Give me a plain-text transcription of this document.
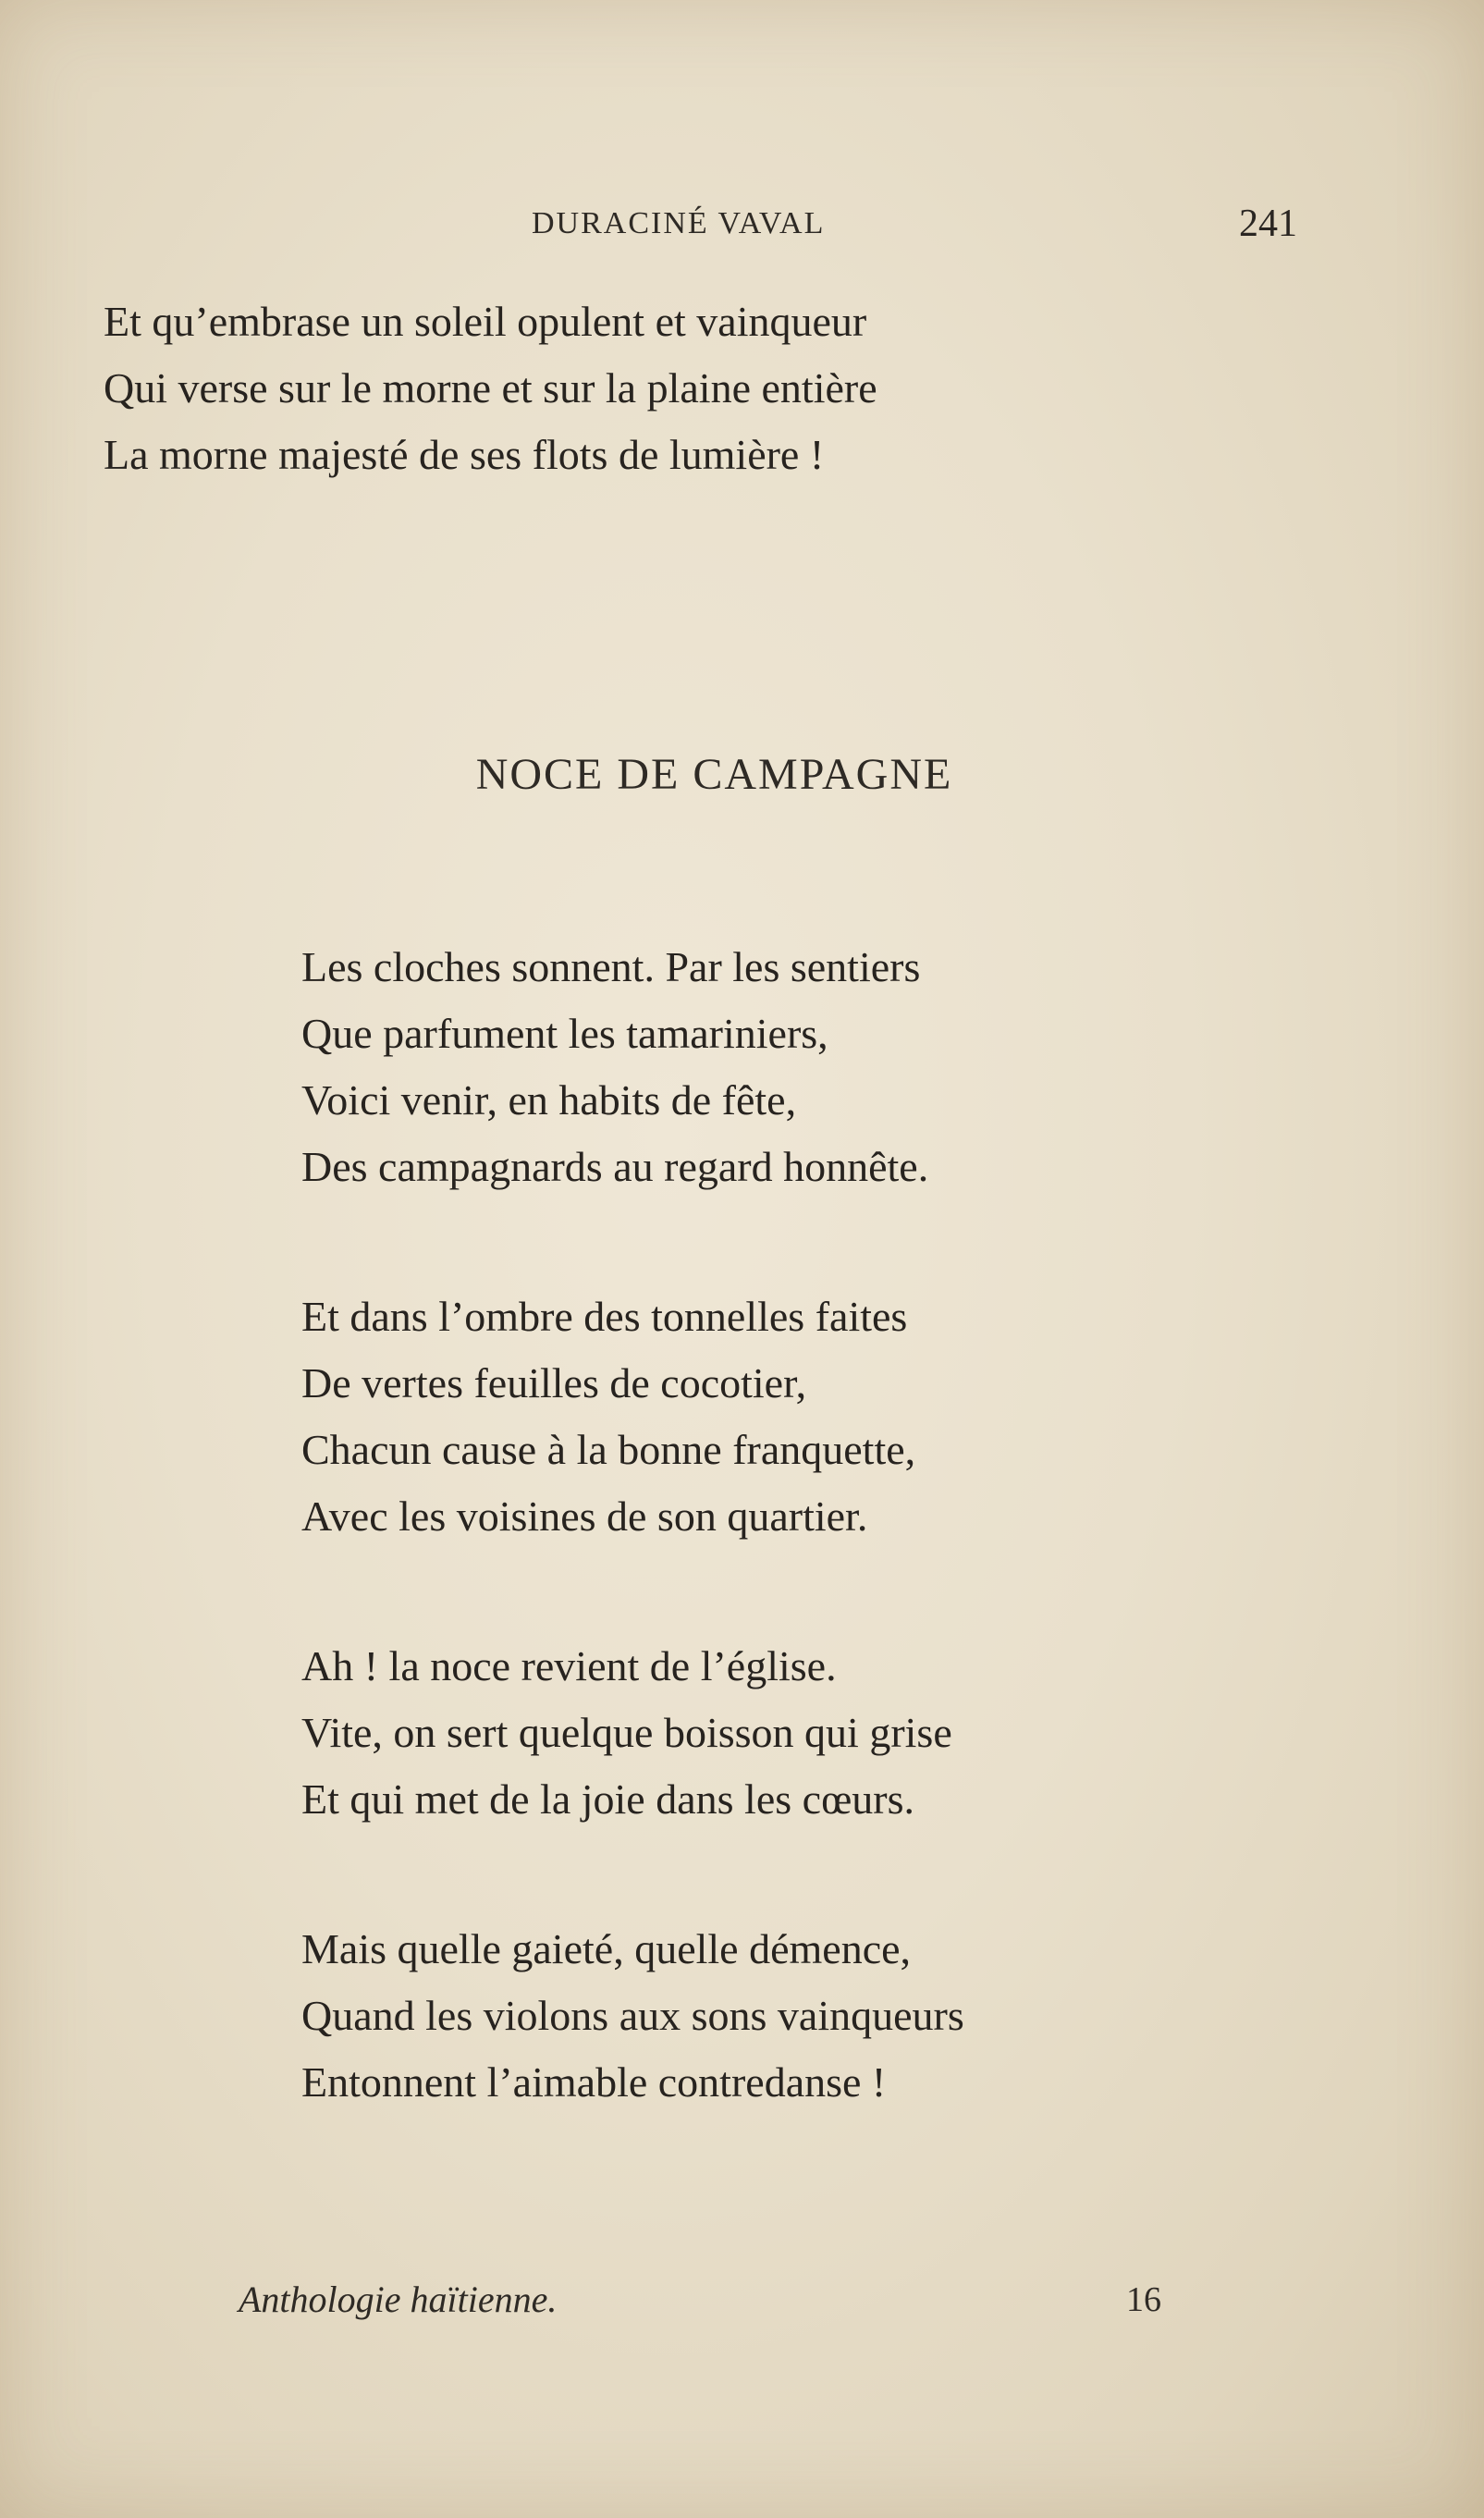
DURACINÉ VAVAL	241
Et qu’embrase un soleil opulent et vainqueur
Qui verse sur le morne et sur la plaine entière
La morne majesté de ses flots de lumière !
NOCE DE CAMPAGNE
Les cloches sonnent. Par les sentiers
Que parfument les tamariniers,
Voici venir, en habits de fête,
Des campagnards au regard honnête.
Et dans l’ombre des tonnelles faites
De vertes feuilles de cocotier,
Chacun cause à la bonne franquette,
Avec les voisines de son quartier.
Ah ! la noce revient de l’église.
Vite, on sert quelque boisson qui grise
Et qui met de la joie dans les cœurs.
Mais quelle gaieté, quelle démence,
Quand les violons aux sons vainqueurs
Entonnent l’aimable contredanse !
Anthologie haïtienne.	16
